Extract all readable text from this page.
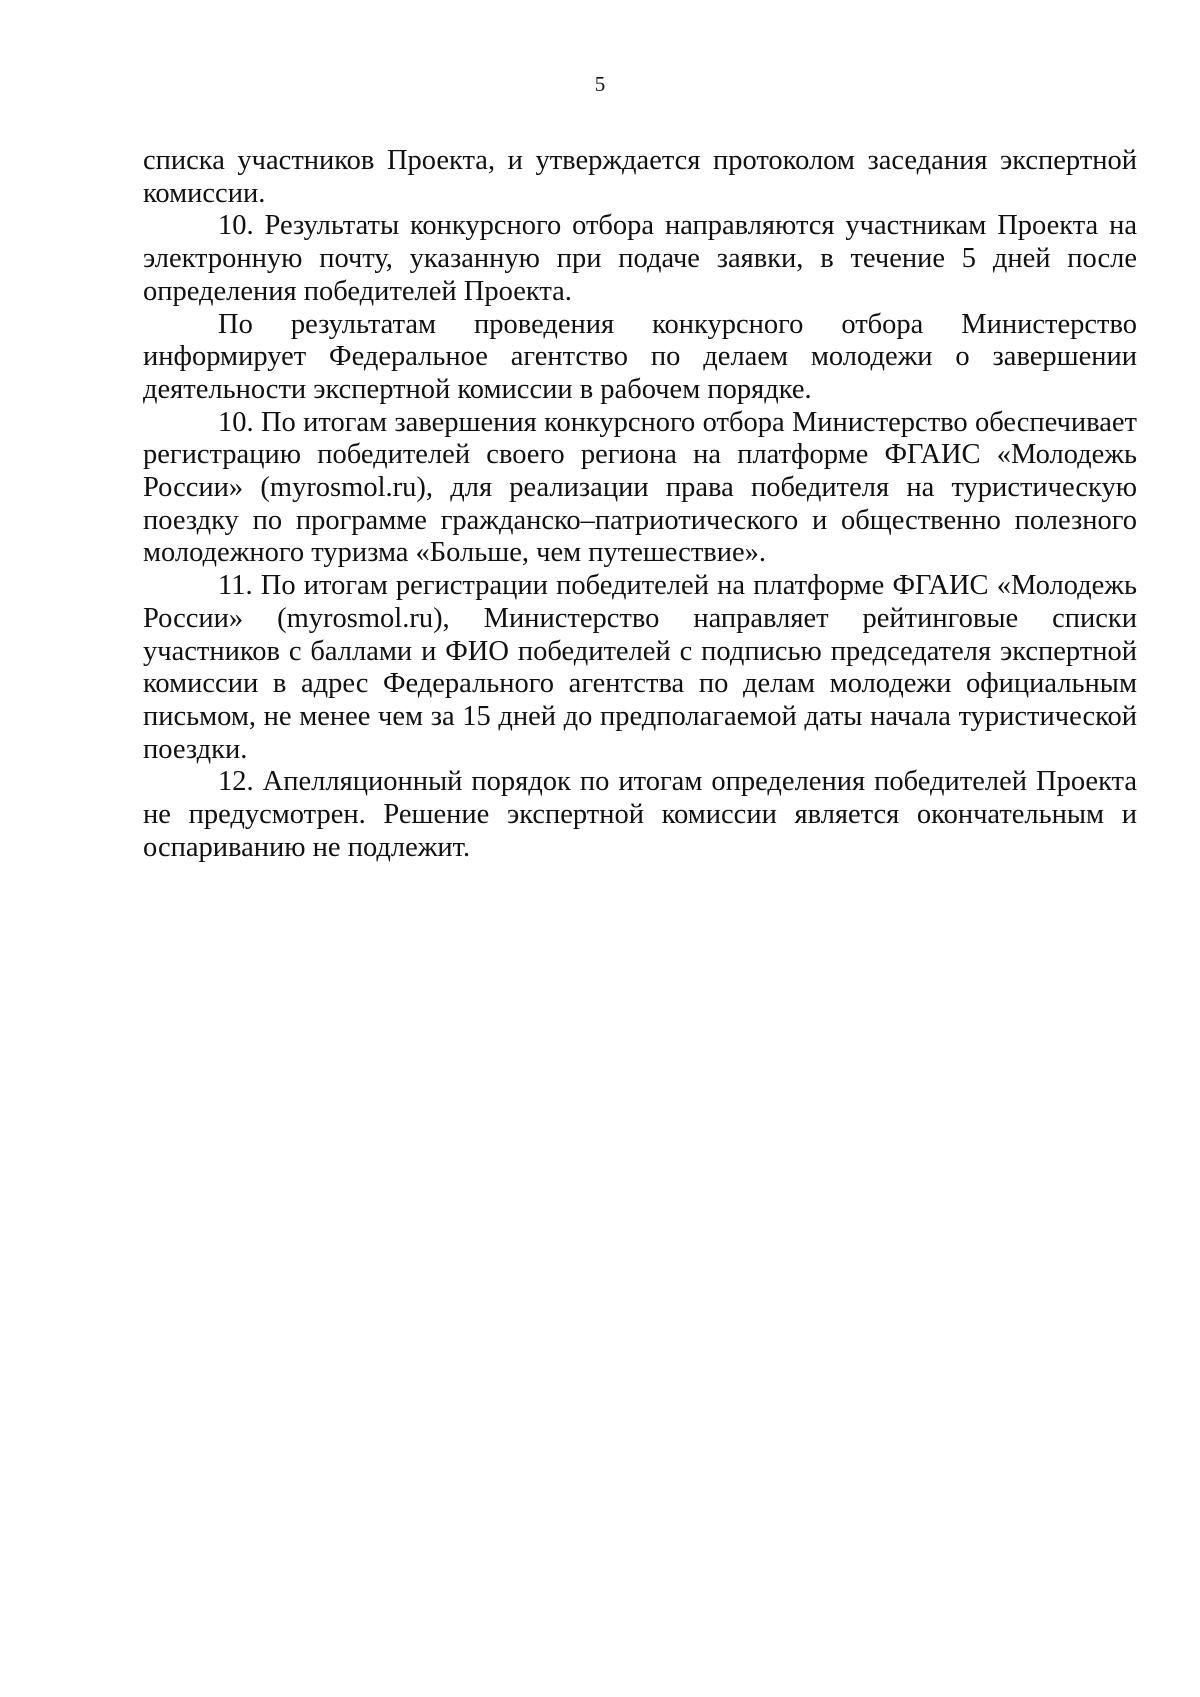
5

списка участников Проекта, и утверждается протоколом заседания экспертной комиссии.

10. Результаты конкурсного отбора направляются участникам Проекта на электронную почту, указанную при подаче заявки, в течение 5 дней после определения победителей Проекта.

По результатам проведения конкурсного отбора Министерство информирует Федеральное агентство по делаем молодежи о завершении деятельности экспертной комиссии в рабочем порядке.

10. По итогам завершения конкурсного отбора Министерство обеспечивает регистрацию победителей своего региона на платформе ФГАИС «Молодежь России» (myrosmol.ru), для реализации права победителя на туристическую поездку по программе гражданско–патриотического и общественно полезного молодежного туризма «Больше, чем путешествие».

11. По итогам регистрации победителей на платформе ФГАИС «Молодежь России» (myrosmol.ru), Министерство направляет рейтинговые списки участников с баллами и ФИО победителей с подписью председателя экспертной комиссии в адрес Федерального агентства по делам молодежи официальным письмом, не менее чем за 15 дней до предполагаемой даты начала туристической поездки.

12. Апелляционный порядок по итогам определения победителей Проекта не предусмотрен. Решение экспертной комиссии является окончательным и оспариванию не подлежит.
